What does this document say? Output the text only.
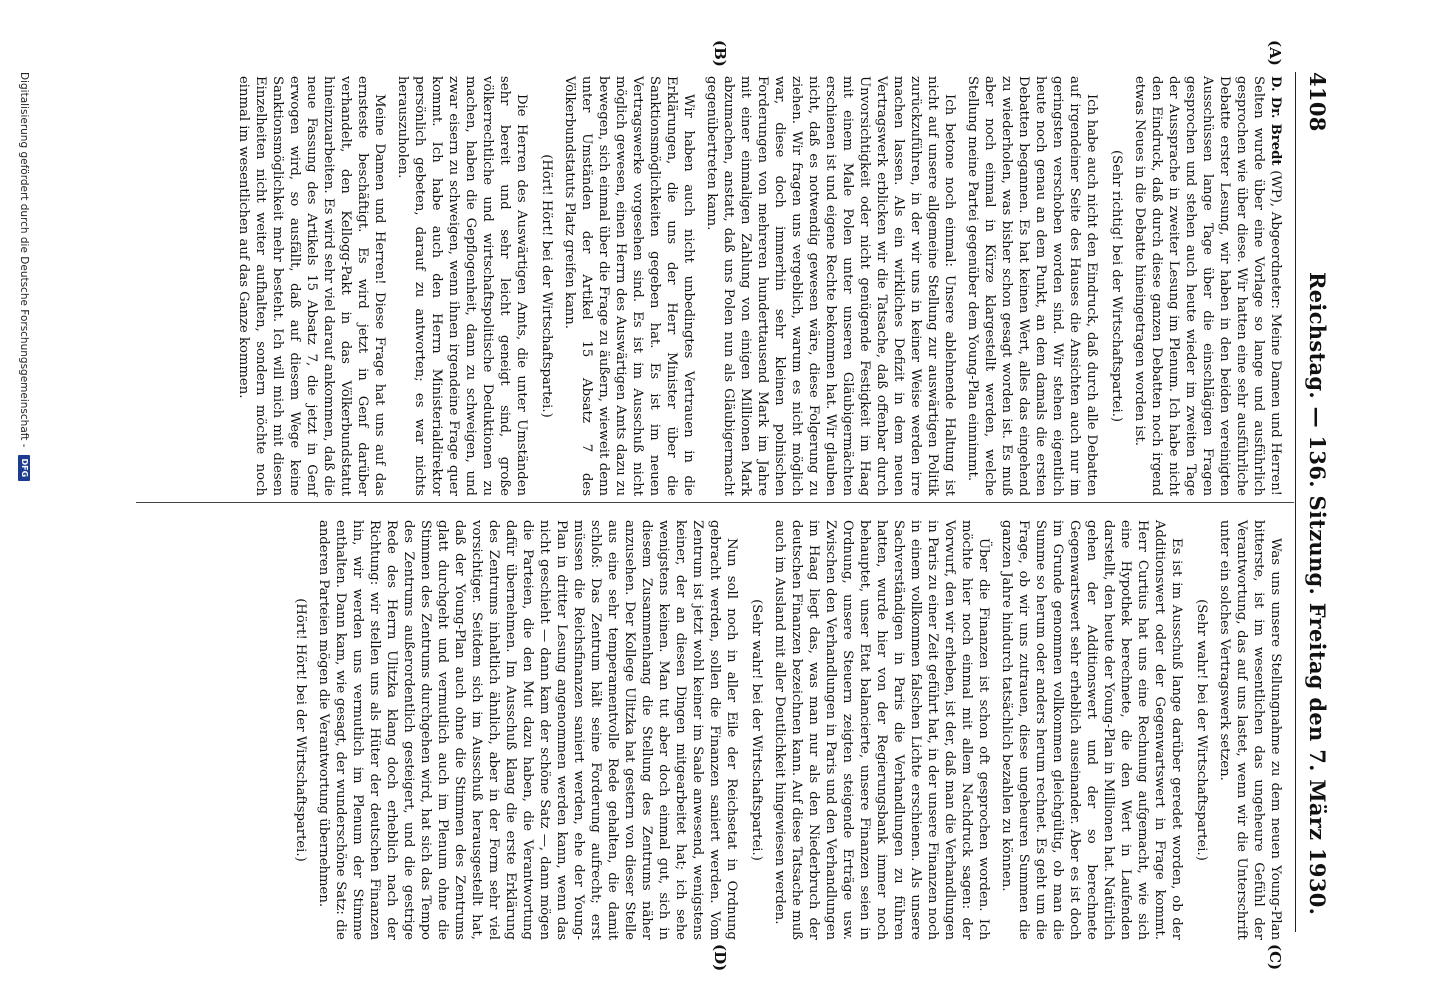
4108
Reichstag. — 136. Sitzung. Freitag den 7. März 1930.
(A)
(B)
(C)
(D)

D. Dr. Bredt (WP), Abgeordneter: Meine Damen und Herren! Selten wurde über eine Vorlage so lange und ausführlich gesprochen wie über diese. Wir hatten eine sehr ausführliche Debatte erster Lesung, wir haben in den beiden vereinigten Ausschüssen lange Tage über die einschlägigen Fragen gesprochen und stehen auch heute wieder im zweiten Tage der Aussprache in zweiter Lesung im Plenum. Ich habe nicht den Eindruck, daß durch diese ganzen Debatten noch irgend etwas Neues in die Debatte hineingetragen worden ist.

(Sehr richtig! bei der Wirtschaftspartei.)

Ich habe auch nicht den Eindruck, daß durch alle Debatten auf irgendeiner Seite des Hauses die Ansichten auch nur im geringsten verschoben worden sind. Wir stehen eigentlich heute noch genau an dem Punkt, an dem damals die ersten Debatten begannen. Es hat keinen Wert, alles das eingehend zu wiederholen, was bisher schon gesagt worden ist. Es muß aber noch einmal in Kürze klargestellt werden, welche Stellung meine Partei gegenüber dem Young-Plan einnimmt.

Ich betone noch einmal: Unsere ablehnende Haltung ist nicht auf unsere allgemeine Stellung zur auswärtigen Politik zurückzuführen, in der wir uns in keiner Weise werden irre machen lassen. Als ein wirkliches Defizit in dem neuen Vertragswerk erblicken wir die Tatsache, daß offenbar durch Unvorsichtigkeit oder nicht genügende Festigkeit im Haag mit einem Male Polen unter unseren Gläubigermächten erschienen ist und eigene Rechte bekommen hat. Wir glauben nicht, daß es notwendig gewesen wäre, diese Folgerung zu ziehen. Wir fragen uns vergeblich, warum es nicht möglich war, diese doch immerhin sehr kleinen polnischen Forderungen von mehreren hunderttausend Mark im Jahre mit einer einmaligen Zahlung von einigen Millionen Mark abzumachen, anstatt, daß uns Polen nun als Gläubigermacht gegenübertreten kann.

Wir haben auch nicht unbedingtes Vertrauen in die Erklärungen, die uns der Herr Minister über die Sanktionsmöglichkeiten gegeben hat. Es ist im neuen Vertragswerke vorgesehen sind. Es ist im Ausschuß nicht möglich gewesen, einen Herrn des Auswärtigen Amts dazu zu bewegen, sich einmal über die Frage zu äußern, wieweit denn unter Umständen der Artikel 15 Absatz 7 des Völkerbundstatuts Platz greifen kann.

(Hört! Hört! bei der Wirtschaftspartei.)

Die Herren des Auswärtigen Amts, die unter Umständen sehr bereit und sehr leicht geneigt sind, große völkerrechtliche und wirtschaftspolitische Deduktionen zu machen, haben die Gepflogenheit, dann zu schweigen, und zwar eisern zu schweigen, wenn ihnen irgendeine Frage quer kommt. Ich habe auch den Herrn Ministerialdirektor persönlich gebeten, darauf zu antworten; es war nichts herauszuholen.

Meine Damen und Herren! Diese Frage hat uns auf das ernsteste beschäftigt. Es wird jetzt in Genf darüber verhandelt, den Kellogg-Pakt in das Völkerbundstatut hineinzuarbeiten. Es wird sehr viel darauf ankommen, daß die neue Fassung des Artikels 15 Absatz 7, die jetzt in Genf erwogen wird, so ausfällt, daß auf diesem Wege keine Sanktionsmöglichkeit mehr besteht. Ich will mich mit diesen Einzelheiten nicht weiter aufhalten, sondern möchte noch einmal im wesentlichen auf das Ganze kommen.

Was uns unsere Stellungnahme zu dem neuen Young-Plan bitterste, ist im wesentlichen das ungeheure Gefühl der Verantwortung, das auf uns lastet, wenn wir die Unterschrift unter ein solches Vertragswerk setzen.

(Sehr wahr! bei der Wirtschaftspartei.)

Es ist im Ausschuß lange darüber geredet worden, ob der Additionswert oder der Gegenwartswert in Frage kommt. Herr Curtius hat uns eine Rechnung aufgemacht, wie sich eine Hypothek berechnete, die den Wert in Laufenden darstellt, den heute der Young-Plan in Millionen hat. Natürlich gehen der Additionswert und der so berechnete Gegenwartswert sehr erheblich auseinander. Aber es ist doch im Grunde genommen vollkommen gleichgültig, ob man die Summe so herum oder anders herum rechnet. Es geht um die Frage, ob wir uns zutrauen, diese ungeheuren Summen die ganzen Jahre hindurch tatsächlich bezahlen zu können.

Über die Finanzen ist schon oft gesprochen worden. Ich möchte hier noch einmal mit allem Nachdruck sagen: der Vorwurf, den wir erheben, ist der, daß man die Verhandlungen in Paris zu einer Zeit geführt hat, in der unsere Finanzen noch in einem vollkommen falschen Lichte erschienen. Als unsere Sachverständigen in Paris die Verhandlungen zu führen hatten, wurde hier von der Regierungsbank immer noch behauptet, unser Etat balancierte, unsere Finanzen seien in Ordnung, unsere Steuern zeigten steigende Erträge usw. Zwischen den Verhandlungen in Paris und den Verhandlungen im Haag liegt das, was man nur als den Niederbruch der deutschen Finanzen bezeichnen kann. Auf diese Tatsache muß auch im Ausland mit aller Deutlichkeit hingewiesen werden.

(Sehr wahr! bei der Wirtschaftspartei.)

Nun soll noch in aller Eile der Reichsetat in Ordnung gebracht werden, sollen die Finanzen saniert werden. Vom Zentrum ist jetzt wohl keiner im Saale anwesend, wenigstens keiner, der an diesen Dingen mitgearbeitet hat; ich sehe wenigstens keinen. Man tut aber doch einmal gut, sich in diesem Zusammenhang die Stellung des Zentrums näher anzusehen. Der Kollege Ulitzka hat gestern von dieser Stelle aus eine sehr temperamentvolle Rede gehalten, die damit schloß: Das Zentrum hält seine Forderung aufrecht; erst müssen die Reichsfinanzen saniert werden, ehe der Young-Plan in dritter Lesung angenommen werden kann, wenn das nicht geschieht — dann kam der schöne Satz —, dann mögen die Parteien, die den Mut dazu haben, die Verantwortung dafür übernehmen. Im Ausschuß klang die erste Erklärung des Zentrums inhaltlich ähnlich, aber in der Form sehr viel vorsichtiger. Seitdem sich im Ausschuß herausgestellt hat, daß der Young-Plan auch ohne die Stimmen des Zentrums glatt durchgeht und vermutlich auch im Plenum ohne die Stimmen des Zentrums durchgehen wird, hat sich das Tempo des Zentrums außerordentlich gesteigert, und die gestrige Rede des Herrn Ulitzka klang doch erheblich nach der Richtung: wir stellen uns als Hüter der deutschen Finanzen hin, wir werden uns vermutlich im Plenum der Stimme enthalten. Dann kam, wie gesagt, der wunderschöne Satz: die anderen Parteien mögen die Verantwortung übernehmen.

(Hört! Hört! bei der Wirtschaftspartei.)

Digitalisierung gefördert durch die Deutsche Forschungsgemeinschaft - DFG
